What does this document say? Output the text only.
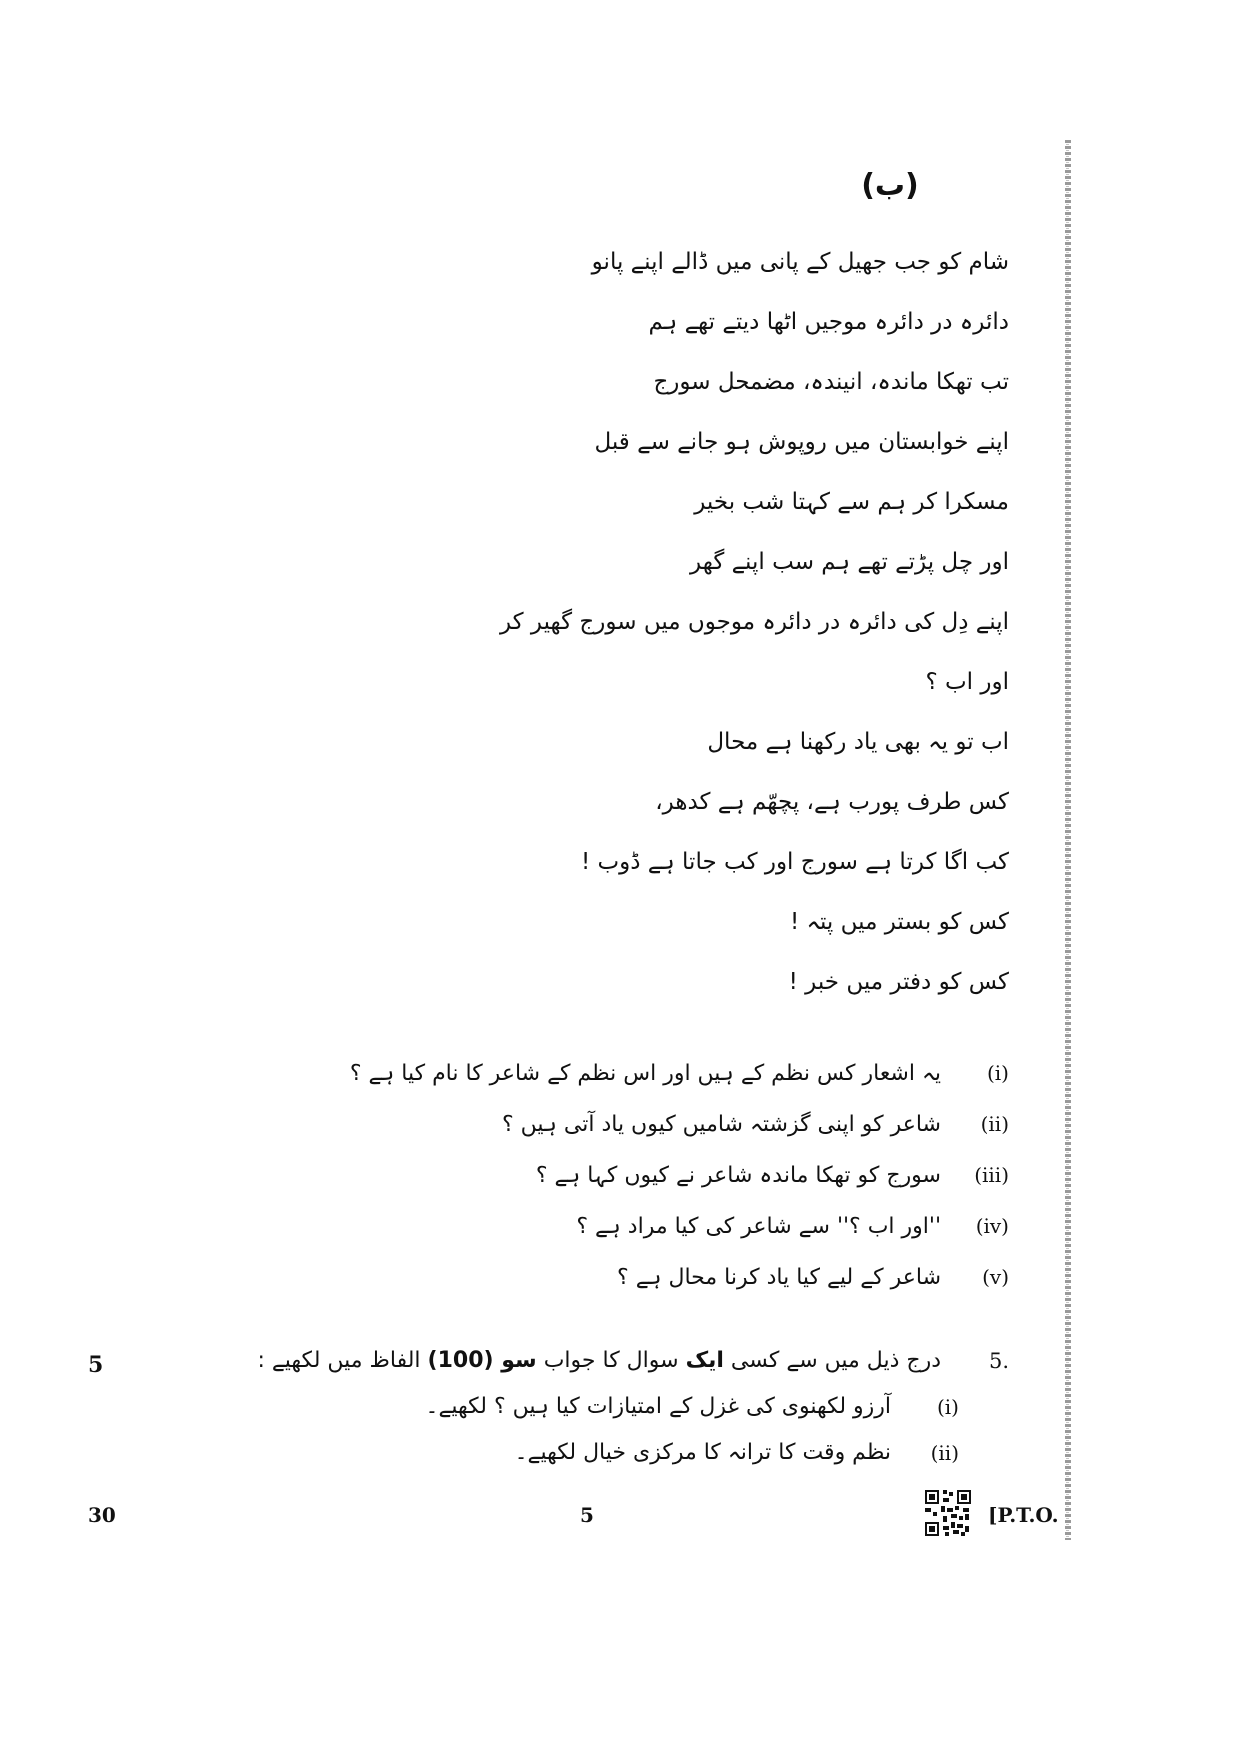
(ب)
شام کو جب جھیل کے پانی میں ڈالے اپنے پانو
دائرہ در دائرہ موجیں اٹھا دیتے تھے ہم
تب تھکا ماندہ، انیندہ، مضمحل سورج
اپنے خوابستان میں روپوش ہو جانے سے قبل
مسکرا کر ہم سے کہتا شب بخیر
اور چل پڑتے تھے ہم سب اپنے گھر
اپنے دِل کی دائرہ در دائرہ موجوں میں سورج گھیر کر
اور اب ؟
اب تو یہ بھی یاد رکھنا ہے محال
کس طرف پورب ہے، پچھّم ہے کدھر،
کب اگا کرتا ہے سورج اور کب جاتا ہے ڈوب !
کس کو بستر میں پتہ !
کس کو دفتر میں خبر !
(i)
یہ اشعار کس نظم کے ہیں اور اس نظم کے شاعر کا نام کیا ہے ؟
(ii)
شاعر کو اپنی گزشتہ شامیں کیوں یاد آتی ہیں ؟
(iii)
سورج کو تھکا ماندہ شاعر نے کیوں کہا ہے ؟
(iv)
''اور اب ؟'' سے شاعر کی کیا مراد ہے ؟
(v)
شاعر کے لیے کیا یاد کرنا محال ہے ؟
5.
درج ذیل میں سے کسی ایک سوال کا جواب سو (100) الفاظ میں لکھیے :
(i)
آرزو لکھنوی کی غزل کے امتیازات کیا ہیں ؟ لکھیے۔
(ii)
نظم وقت کا ترانہ کا مرکزی خیال لکھیے۔
5
30	5	[P.T.O.
